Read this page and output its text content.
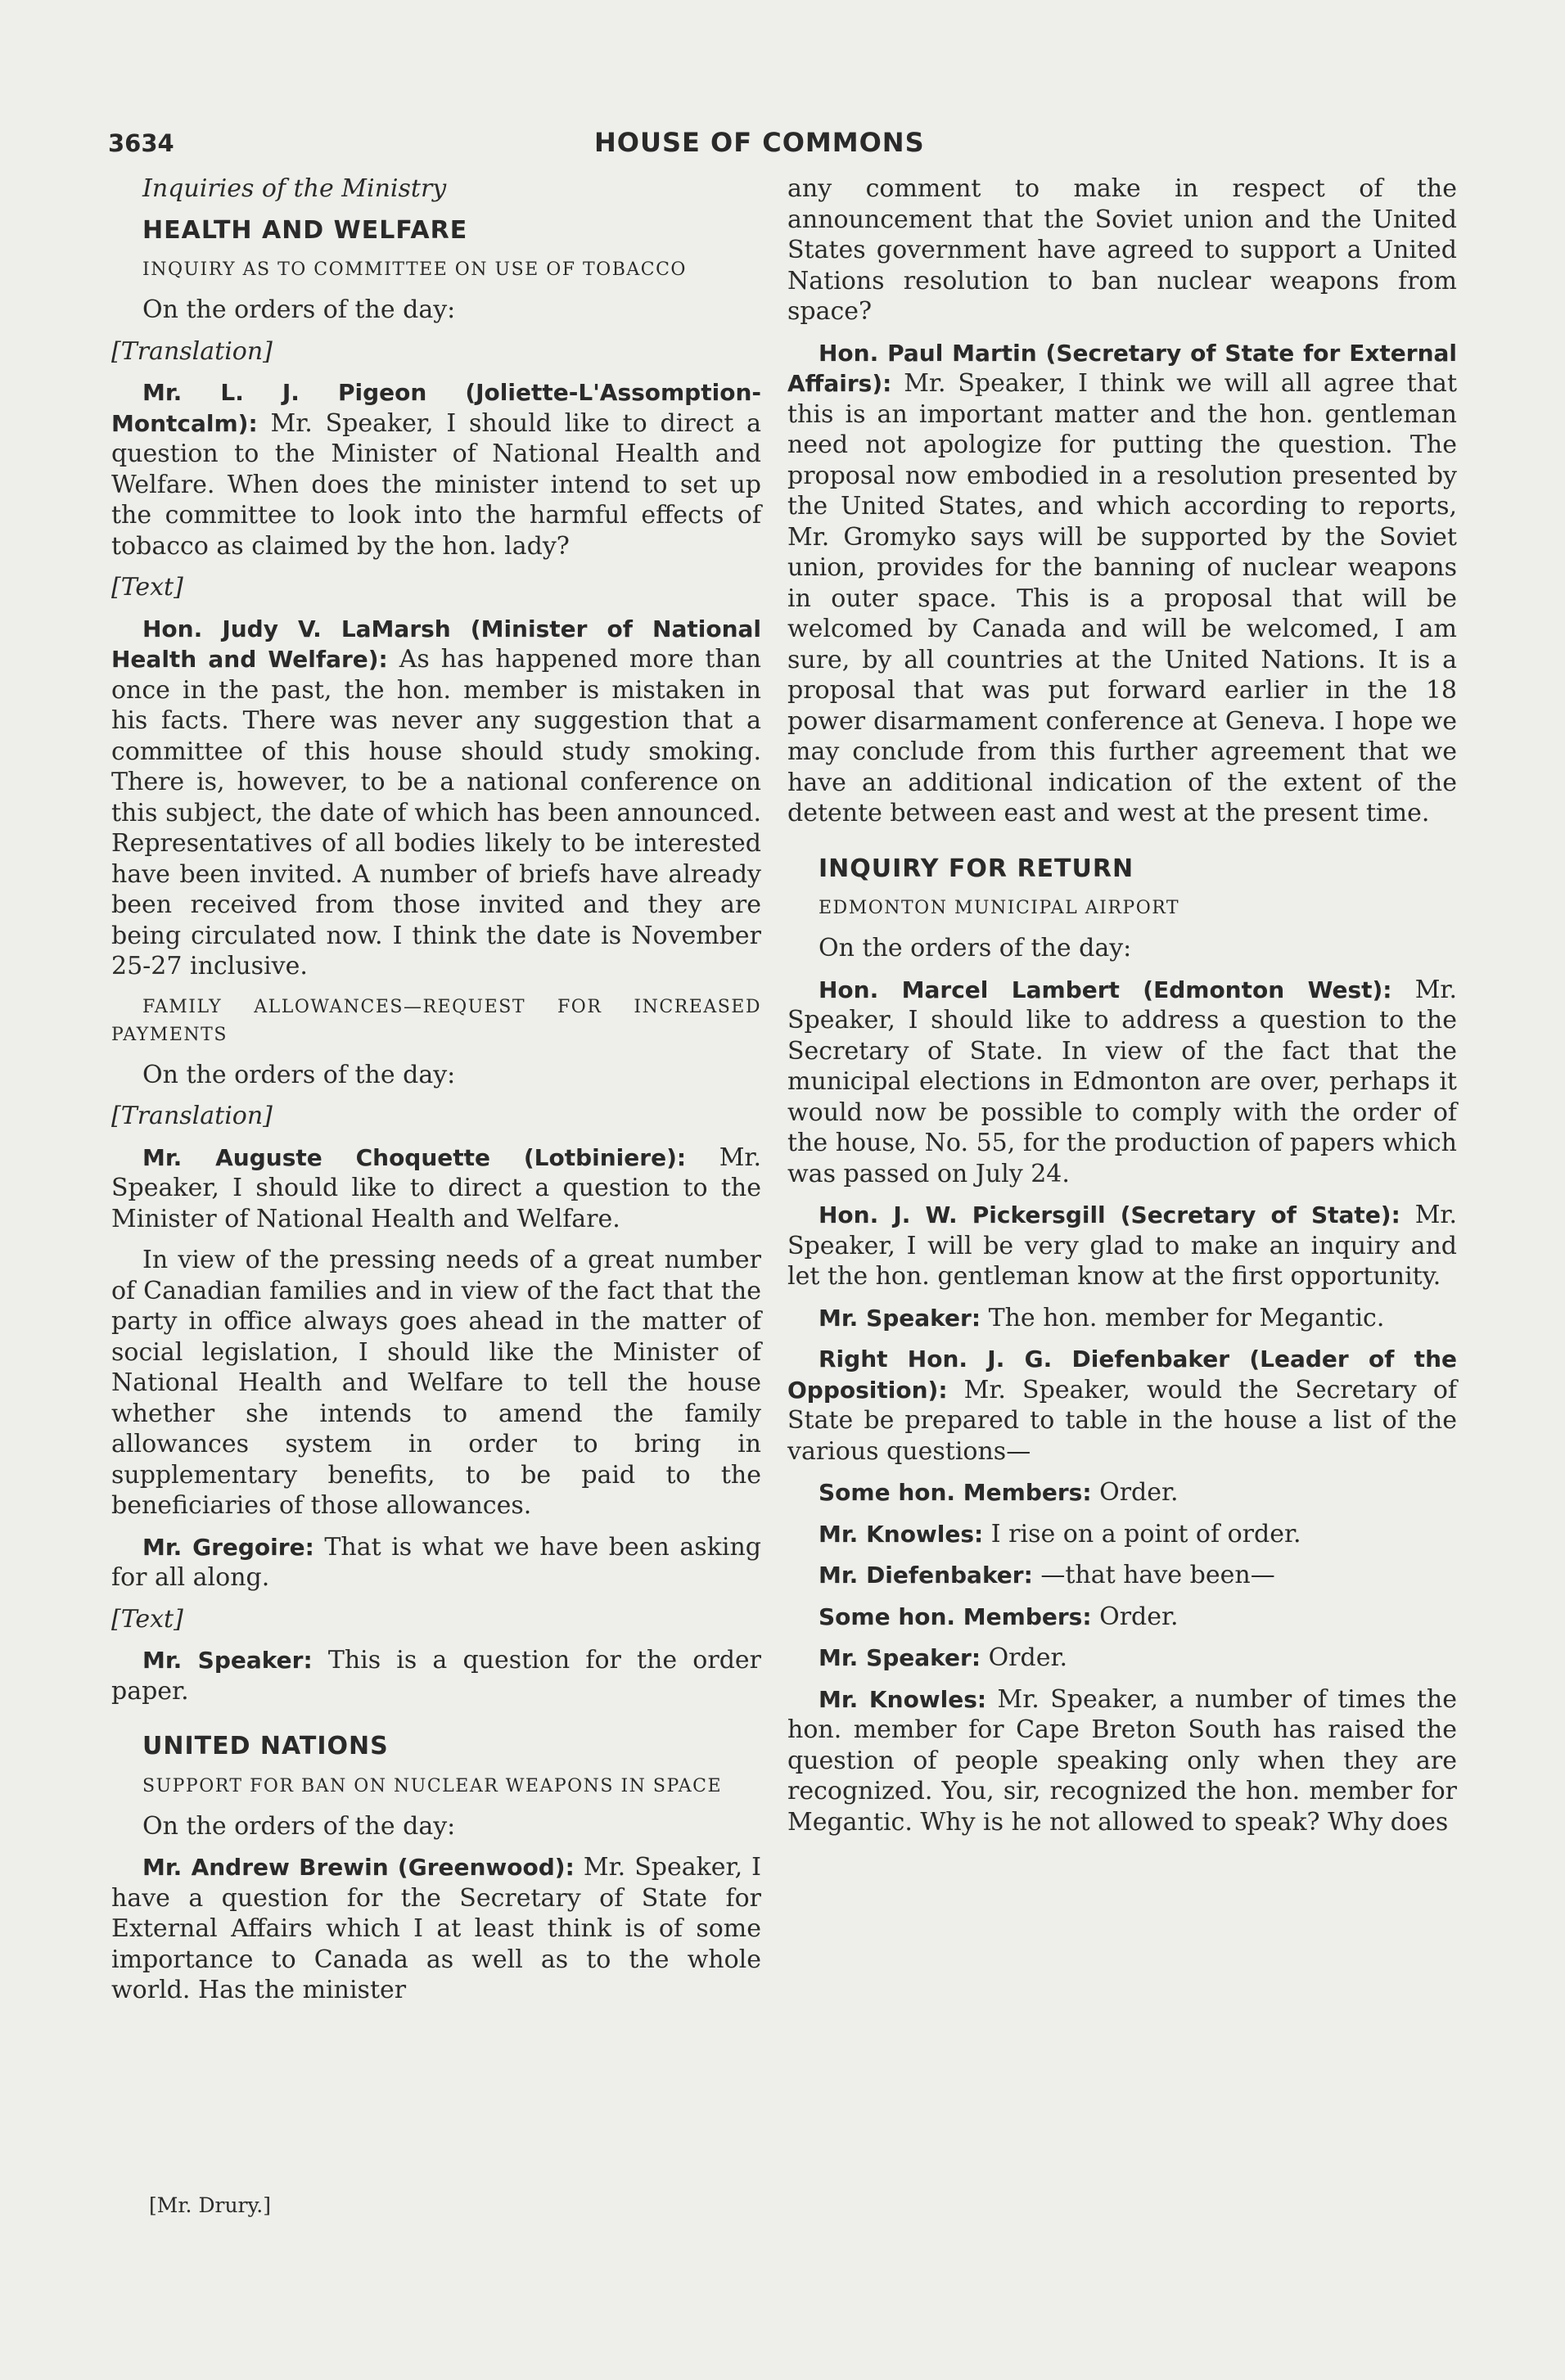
3634	HOUSE OF COMMONS

Inquiries of the Ministry

HEALTH AND WELFARE

INQUIRY AS TO COMMITTEE ON USE OF TOBACCO

On the orders of the day:

[Translation]

Mr. L. J. Pigeon (Joliette-L'Assomption-Montcalm): Mr. Speaker, I should like to direct a question to the Minister of National Health and Welfare. When does the minister intend to set up the committee to look into the harmful effects of tobacco as claimed by the hon. lady?

[Text]

Hon. Judy V. LaMarsh (Minister of National Health and Welfare): As has happened more than once in the past, the hon. member is mistaken in his facts. There was never any suggestion that a committee of this house should study smoking. There is, however, to be a national conference on this subject, the date of which has been announced. Representatives of all bodies likely to be interested have been invited. A number of briefs have already been received from those invited and they are being circulated now. I think the date is November 25-27 inclusive.

FAMILY ALLOWANCES—REQUEST FOR INCREASED PAYMENTS

On the orders of the day:

[Translation]

Mr. Auguste Choquette (Lotbiniere): Mr. Speaker, I should like to direct a question to the Minister of National Health and Welfare.

In view of the pressing needs of a great number of Canadian families and in view of the fact that the party in office always goes ahead in the matter of social legislation, I should like the Minister of National Health and Welfare to tell the house whether she intends to amend the family allowances system in order to bring in supplementary benefits, to be paid to the beneficiaries of those allowances.

Mr. Gregoire: That is what we have been asking for all along.

[Text]

Mr. Speaker: This is a question for the order paper.

UNITED NATIONS

SUPPORT FOR BAN ON NUCLEAR WEAPONS IN SPACE

On the orders of the day:

Mr. Andrew Brewin (Greenwood): Mr. Speaker, I have a question for the Secretary of State for External Affairs which I at least think is of some importance to Canada as well as to the whole world. Has the minister

any comment to make in respect of the announcement that the Soviet union and the United States government have agreed to support a United Nations resolution to ban nuclear weapons from space?

Hon. Paul Martin (Secretary of State for External Affairs): Mr. Speaker, I think we will all agree that this is an important matter and the hon. gentleman need not apologize for putting the question. The proposal now embodied in a resolution presented by the United States, and which according to reports, Mr. Gromyko says will be supported by the Soviet union, provides for the banning of nuclear weapons in outer space. This is a proposal that will be welcomed by Canada and will be welcomed, I am sure, by all countries at the United Nations. It is a proposal that was put forward earlier in the 18 power disarmament conference at Geneva. I hope we may conclude from this further agreement that we have an additional indication of the extent of the detente between east and west at the present time.

INQUIRY FOR RETURN

EDMONTON MUNICIPAL AIRPORT

On the orders of the day:

Hon. Marcel Lambert (Edmonton West): Mr. Speaker, I should like to address a question to the Secretary of State. In view of the fact that the municipal elections in Edmonton are over, perhaps it would now be possible to comply with the order of the house, No. 55, for the production of papers which was passed on July 24.

Hon. J. W. Pickersgill (Secretary of State): Mr. Speaker, I will be very glad to make an inquiry and let the hon. gentleman know at the first opportunity.

Mr. Speaker: The hon. member for Megantic.

Right Hon. J. G. Diefenbaker (Leader of the Opposition): Mr. Speaker, would the Secretary of State be prepared to table in the house a list of the various questions—

Some hon. Members: Order.

Mr. Knowles: I rise on a point of order.

Mr. Diefenbaker: —that have been—

Some hon. Members: Order.

Mr. Speaker: Order.

Mr. Knowles: Mr. Speaker, a number of times the hon. member for Cape Breton South has raised the question of people speaking only when they are recognized. You, sir, recognized the hon. member for Megantic. Why is he not allowed to speak? Why does

[Mr. Drury.]
